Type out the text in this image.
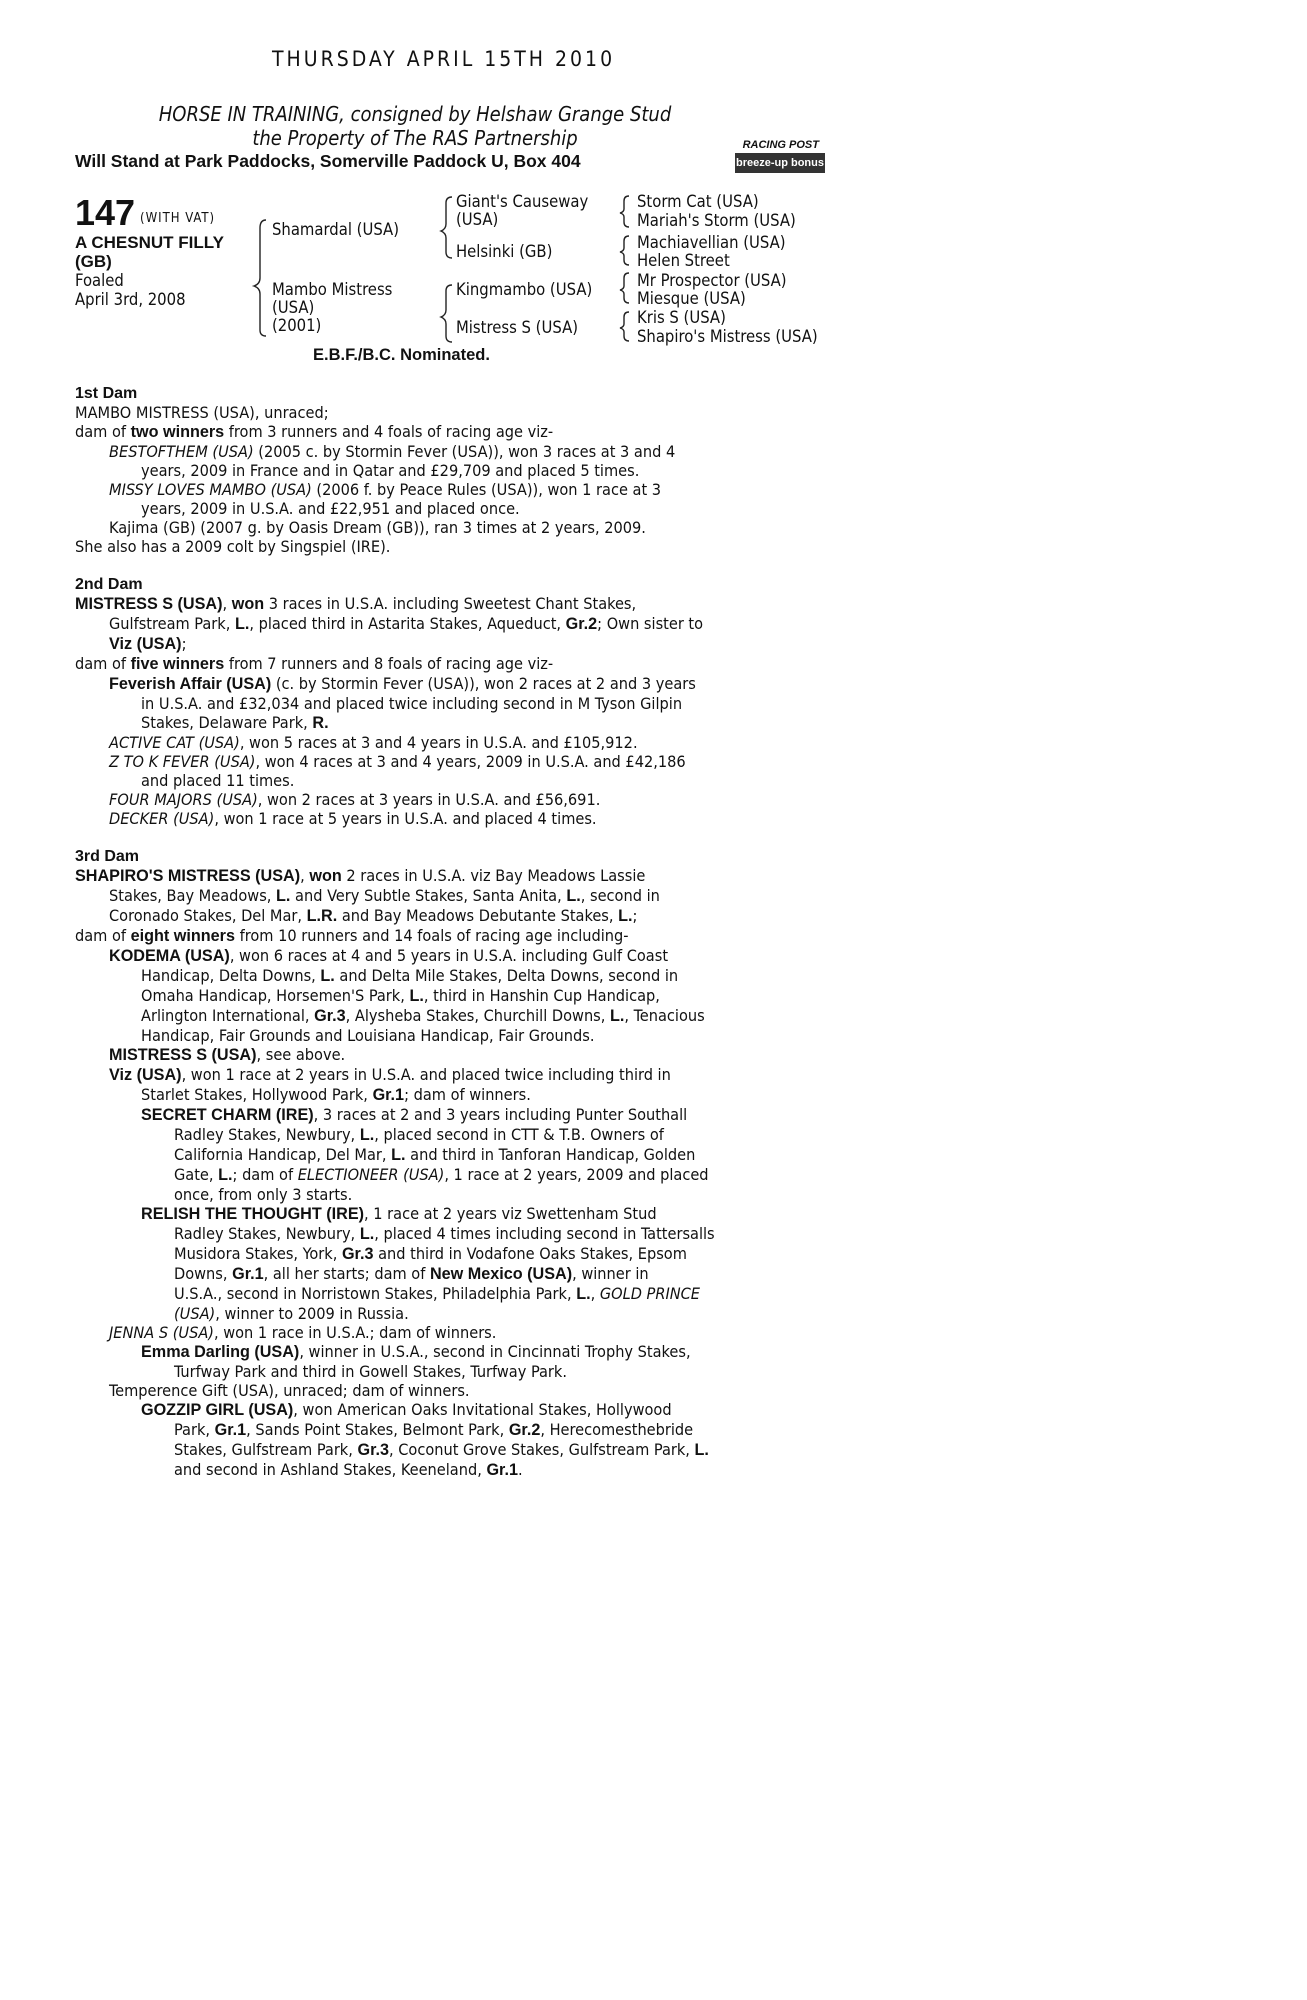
THURSDAY APRIL 15TH 2010
HORSE IN TRAINING, consigned by Helshaw Grange Stud
the Property of The RAS Partnership
Will Stand at Park Paddocks, Somerville Paddock U, Box 404
RACING POST
breeze-up bonus
147 (WITH VAT)
A CHESNUT FILLY
(GB)
Foaled
April 3rd, 2008
Shamardal (USA)
Mambo Mistress
(USA)
(2001)
Giant's Causeway
(USA)
Helsinki (GB)
Kingmambo (USA)
Mistress S (USA)
Storm Cat (USA)
Mariah's Storm (USA)
Machiavellian (USA)
Helen Street
Mr Prospector (USA)
Miesque (USA)
Kris S (USA)
Shapiro's Mistress (USA)
E.B.F./B.C. Nominated.

1st Dam

MAMBO MISTRESS (USA), unraced;

dam of two winners from 3 runners and 4 foals of racing age viz-

BESTOFTHEM (USA) (2005 c. by Stormin Fever (USA)), won 3 races at 3 and 4

years, 2009 in France and in Qatar and £29,709 and placed 5 times.

MISSY LOVES MAMBO (USA) (2006 f. by Peace Rules (USA)), won 1 race at 3

years, 2009 in U.S.A. and £22,951 and placed once.

Kajima (GB) (2007 g. by Oasis Dream (GB)), ran 3 times at 2 years, 2009.

She also has a 2009 colt by Singspiel (IRE).

2nd Dam

MISTRESS S (USA), won 3 races in U.S.A. including Sweetest Chant Stakes,

Gulfstream Park, L., placed third in Astarita Stakes, Aqueduct, Gr.2; Own sister to

Viz (USA);

dam of five winners from 7 runners and 8 foals of racing age viz-

Feverish Affair (USA) (c. by Stormin Fever (USA)), won 2 races at 2 and 3 years

in U.S.A. and £32,034 and placed twice including second in M Tyson Gilpin

Stakes, Delaware Park, R.

ACTIVE CAT (USA), won 5 races at 3 and 4 years in U.S.A. and £105,912.

Z TO K FEVER (USA), won 4 races at 3 and 4 years, 2009 in U.S.A. and £42,186

and placed 11 times.

FOUR MAJORS (USA), won 2 races at 3 years in U.S.A. and £56,691.

DECKER (USA), won 1 race at 5 years in U.S.A. and placed 4 times.

3rd Dam

SHAPIRO'S MISTRESS (USA), won 2 races in U.S.A. viz Bay Meadows Lassie

Stakes, Bay Meadows, L. and Very Subtle Stakes, Santa Anita, L., second in

Coronado Stakes, Del Mar, L.R. and Bay Meadows Debutante Stakes, L.;

dam of eight winners from 10 runners and 14 foals of racing age including-

KODEMA (USA), won 6 races at 4 and 5 years in U.S.A. including Gulf Coast

Handicap, Delta Downs, L. and Delta Mile Stakes, Delta Downs, second in

Omaha Handicap, Horsemen'S Park, L., third in Hanshin Cup Handicap,

Arlington International, Gr.3, Alysheba Stakes, Churchill Downs, L., Tenacious

Handicap, Fair Grounds and Louisiana Handicap, Fair Grounds.

MISTRESS S (USA), see above.

Viz (USA), won 1 race at 2 years in U.S.A. and placed twice including third in

Starlet Stakes, Hollywood Park, Gr.1; dam of winners.

SECRET CHARM (IRE), 3 races at 2 and 3 years including Punter Southall

Radley Stakes, Newbury, L., placed second in CTT & T.B. Owners of

California Handicap, Del Mar, L. and third in Tanforan Handicap, Golden

Gate, L.; dam of ELECTIONEER (USA), 1 race at 2 years, 2009 and placed

once, from only 3 starts.

RELISH THE THOUGHT (IRE), 1 race at 2 years viz Swettenham Stud

Radley Stakes, Newbury, L., placed 4 times including second in Tattersalls

Musidora Stakes, York, Gr.3 and third in Vodafone Oaks Stakes, Epsom

Downs, Gr.1, all her starts; dam of New Mexico (USA), winner in

U.S.A., second in Norristown Stakes, Philadelphia Park, L., GOLD PRINCE

(USA), winner to 2009 in Russia.

JENNA S (USA), won 1 race in U.S.A.; dam of winners.

Emma Darling (USA), winner in U.S.A., second in Cincinnati Trophy Stakes,

Turfway Park and third in Gowell Stakes, Turfway Park.

Temperence Gift (USA), unraced; dam of winners.

GOZZIP GIRL (USA), won American Oaks Invitational Stakes, Hollywood

Park, Gr.1, Sands Point Stakes, Belmont Park, Gr.2, Herecomesthebride

Stakes, Gulfstream Park, Gr.3, Coconut Grove Stakes, Gulfstream Park, L.

and second in Ashland Stakes, Keeneland, Gr.1.
